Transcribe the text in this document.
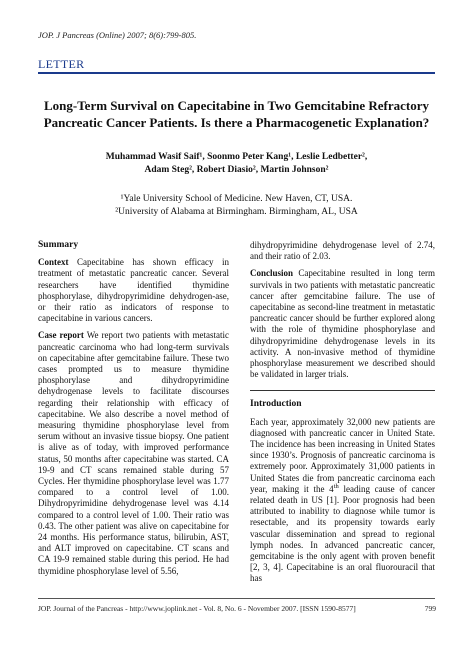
JOP. J Pancreas (Online) 2007; 8(6):799-805.
LETTER
Long-Term Survival on Capecitabine in Two Gemcitabine Refractory Pancreatic Cancer Patients. Is there a Pharmacogenetic Explanation?
Muhammad Wasif Saif¹, Soonmo Peter Kang¹, Leslie Ledbetter²,
Adam Steg², Robert Diasio², Martin Johnson²
¹Yale University School of Medicine. New Haven, CT, USA.
²University of Alabama at Birmingham. Birmingham, AL, USA
Summary

Context Capecitabine has shown efficacy in treatment of metastatic pancreatic cancer. Several researchers have identified thymidine phosphorylase, dihydropyrimidine dehydrogen-ase, or their ratio as indicators of response to capecitabine in various cancers.

Case report We report two patients with metastatic pancreatic carcinoma who had long-term survivals on capecitabine after gemcitabine failure. These two cases prompted us to measure thymidine phosphorylase and dihydropyrimidine dehydrogenase levels to facilitate discourses regarding their relationship with efficacy of capecitabine. We also describe a novel method of measuring thymidine phosphorylase level from serum without an invasive tissue biopsy. One patient is alive as of today, with improved performance status, 50 months after capecitabine was started. CA 19-9 and CT scans remained stable during 57 Cycles. Her thymidine phosphorylase level was 1.77 compared to a control level of 1.00. Dihydropyrimidine dehydrogenase level was 4.14 compared to a control level of 1.00. Their ratio was 0.43. The other patient was alive on capecitabine for 24 months. His performance status, bilirubin, AST, and ALT improved on capecitabine. CT scans and CA 19-9 remained stable during this period. He had thymidine phosphorylase level of 5.56,

dihydropyrimidine dehydrogenase level of 2.74, and their ratio of 2.03.

Conclusion Capecitabine resulted in long term survivals in two patients with metastatic pancreatic cancer after gemcitabine failure. The use of capecitabine as second-line treatment in metastatic pancreatic cancer should be further explored along with the role of thymidine phosphorylase and dihydropyrimidine dehydrogenase levels in its activity. A non-invasive method of thymidine phosphorylase measurement we described should be validated in larger trials.

Introduction

Each year, approximately 32,000 new patients are diagnosed with pancreatic cancer in United State. The incidence has been increasing in United States since 1930’s. Prognosis of pancreatic carcinoma is extremely poor. Approximately 31,000 patients in United States die from pancreatic carcinoma each year, making it the 4th leading cause of cancer related death in US [1]. Poor prognosis had been attributed to inability to diagnose while tumor is resectable, and its propensity towards early vascular dissemination and spread to regional lymph nodes. In advanced pancreatic cancer, gemcitabine is the only agent with proven benefit [2, 3, 4]. Capecitabine is an oral fluorouracil that has

JOP. Journal of the Pancreas - http://www.joplink.net - Vol. 8, No. 6 - November 2007. [ISSN 1590-8577]	799
